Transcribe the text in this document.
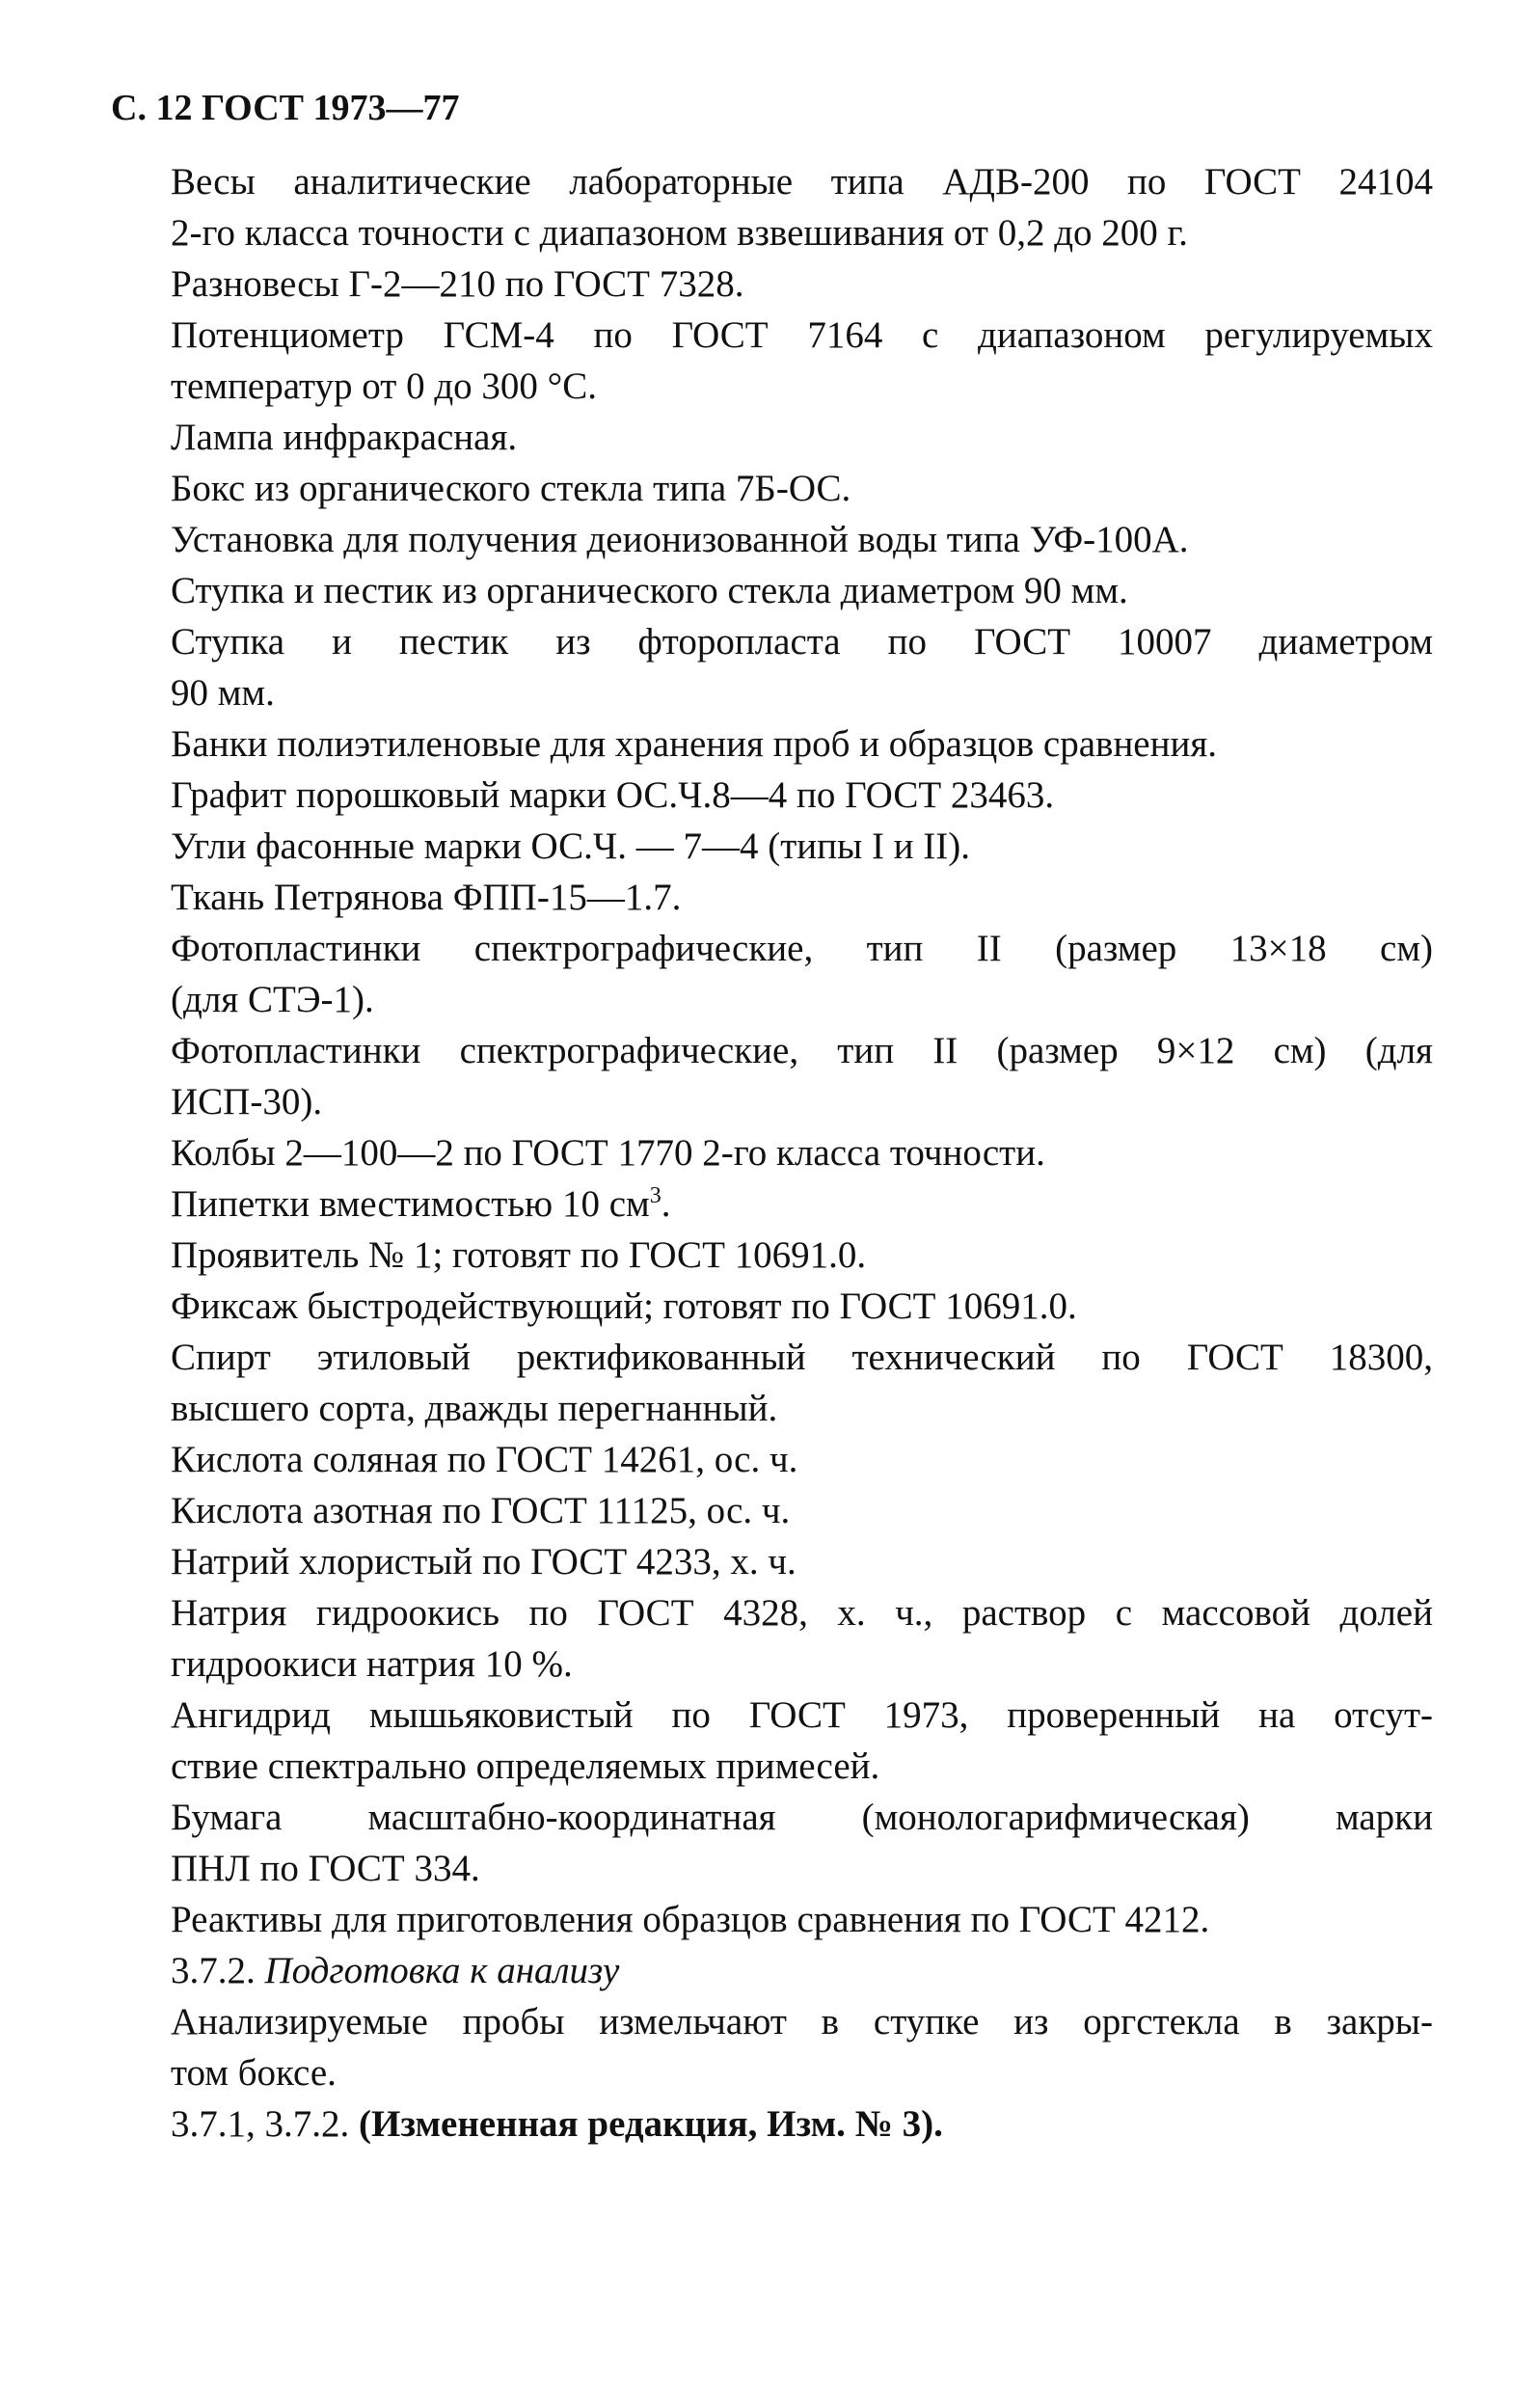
С. 12 ГОСТ 1973—77

Весы аналитические лабораторные типа АДВ-200 по ГОСТ 24104
2-го класса точности с диапазоном взвешивания от 0,2 до 200 г.

Разновесы Г-2—210 по ГОСТ 7328.

Потенциометр ГСМ-4 по ГОСТ 7164 с диапазоном регулируемых
температур от 0 до 300 °С.

Лампа инфракрасная.

Бокс из органического стекла типа 7Б-ОС.

Установка для получения деионизованной воды типа УФ-100А.

Ступка и пестик из органического стекла диаметром 90 мм.

Ступка и пестик из фторопласта по ГОСТ 10007 диаметром
90 мм.

Банки полиэтиленовые для хранения проб и образцов сравнения.

Графит порошковый марки ОС.Ч.8—4 по ГОСТ 23463.

Угли фасонные марки ОС.Ч. — 7—4 (типы I и II).

Ткань Петрянова ФПП-15—1.7.

Фотопластинки спектрографические, тип II (размер 13×18 см)
(для СТЭ-1).

Фотопластинки спектрографические, тип II (размер 9×12 см) (для
ИСП-30).

Колбы 2—100—2 по ГОСТ 1770 2-го класса точности.

Пипетки вместимостью 10 $см^3$.

Проявитель № 1; готовят по ГОСТ 10691.0.

Фиксаж быстродействующий; готовят по ГОСТ 10691.0.

Спирт этиловый ректификованный технический по ГОСТ 18300,
высшего сорта, дважды перегнанный.

Кислота соляная по ГОСТ 14261, ос. ч.

Кислота азотная по ГОСТ 11125, ос. ч.

Натрий хлористый по ГОСТ 4233, х. ч.

Натрия гидроокись по ГОСТ 4328, х. ч., раствор с массовой долей
гидроокиси натрия 10 %.

Ангидрид мышьяковистый по ГОСТ 1973, проверенный на отсут-
ствие спектрально определяемых примесей.

Бумага масштабно-координатная (монологарифмическая) марки
ПНЛ по ГОСТ 334.

Реактивы для приготовления образцов сравнения по ГОСТ 4212.

3.7.2. Подготовка к анализу

Анализируемые пробы измельчают в ступке из оргстекла в закры-
том боксе.

3.7.1, 3.7.2. (Измененная редакция, Изм. № 3).
